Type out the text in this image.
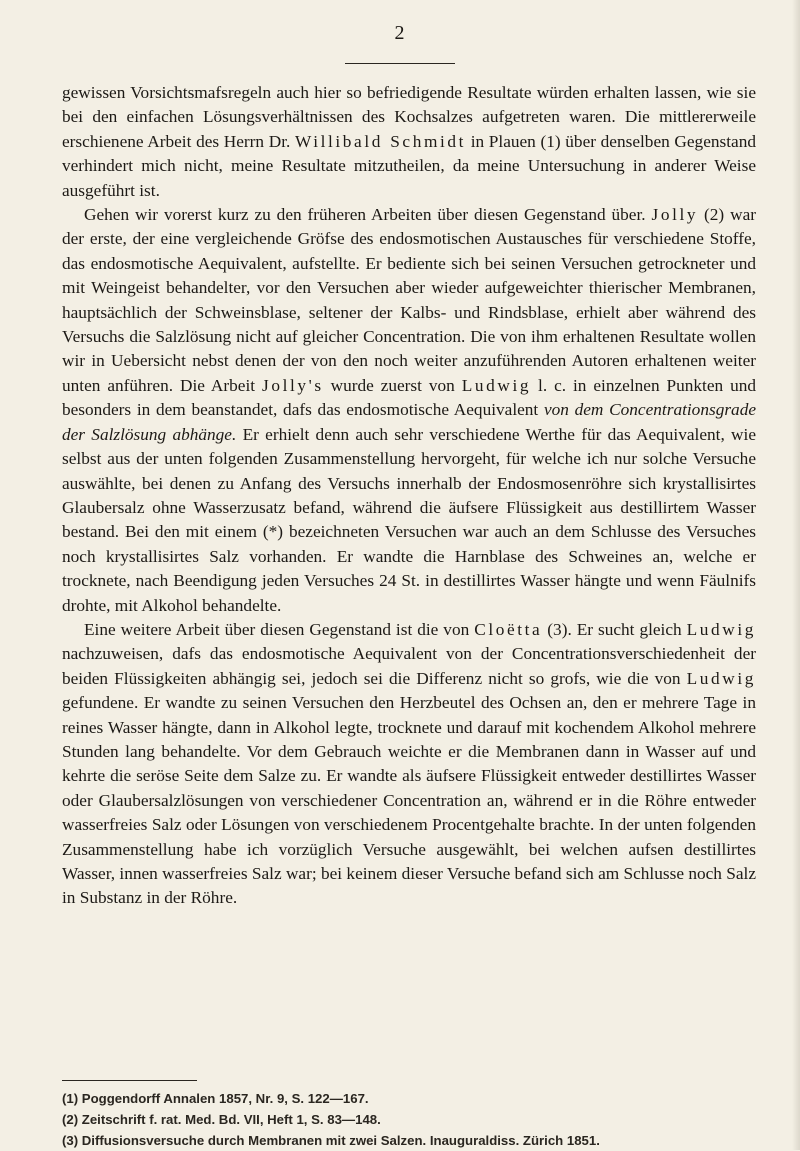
2

gewissen Vorsichtsmafsregeln auch hier so befriedigende Resultate würden erhalten lassen, wie sie bei den einfachen Lösungsverhältnissen des Kochsalzes aufgetreten waren. Die mittlererweile erschienene Arbeit des Herrn Dr. Willibald Schmidt in Plauen (1) über denselben Gegenstand verhindert mich nicht, meine Resultate mitzutheilen, da meine Untersuchung in anderer Weise ausgeführt ist.

Gehen wir vorerst kurz zu den früheren Arbeiten über diesen Gegenstand über. Jolly (2) war der erste, der eine vergleichende Gröfse des endosmotischen Austausches für verschiedene Stoffe, das endosmotische Aequivalent, aufstellte. Er bediente sich bei seinen Versuchen getrockneter und mit Weingeist behandelter, vor den Versuchen aber wieder aufgeweichter thierischer Membranen, hauptsächlich der Schweinsblase, seltener der Kalbs- und Rindsblase, erhielt aber während des Versuchs die Salzlösung nicht auf gleicher Concentration. Die von ihm erhaltenen Resultate wollen wir in Uebersicht nebst denen der von den noch weiter anzuführenden Autoren erhaltenen weiter unten anführen. Die Arbeit Jolly's wurde zuerst von Ludwig l. c. in einzelnen Punkten und besonders in dem beanstandet, dafs das endosmotische Aequivalent von dem Concentrationsgrade der Salzlösung abhänge. Er erhielt denn auch sehr verschiedene Werthe für das Aequivalent, wie selbst aus der unten folgenden Zusammenstellung hervorgeht, für welche ich nur solche Versuche auswählte, bei denen zu Anfang des Versuchs innerhalb der Endosmosenröhre sich krystallisirtes Glaubersalz ohne Wasserzusatz befand, während die äufsere Flüssigkeit aus destillirtem Wasser bestand. Bei den mit einem (*) bezeichneten Versuchen war auch an dem Schlusse des Versuches noch krystallisirtes Salz vorhanden. Er wandte die Harnblase des Schweines an, welche er trocknete, nach Beendigung jeden Versuches 24 St. in destillirtes Wasser hängte und wenn Fäulnifs drohte, mit Alkohol behandelte.

Eine weitere Arbeit über diesen Gegenstand ist die von Cloëtta (3). Er sucht gleich Ludwig nachzuweisen, dafs das endosmotische Aequivalent von der Concentrationsverschiedenheit der beiden Flüssigkeiten abhängig sei, jedoch sei die Differenz nicht so grofs, wie die von Ludwig gefundene. Er wandte zu seinen Versuchen den Herzbeutel des Ochsen an, den er mehrere Tage in reines Wasser hängte, dann in Alkohol legte, trocknete und darauf mit kochendem Alkohol mehrere Stunden lang behandelte. Vor dem Gebrauch weichte er die Membranen dann in Wasser auf und kehrte die seröse Seite dem Salze zu. Er wandte als äufsere Flüssigkeit entweder destillirtes Wasser oder Glaubersalzlösungen von verschiedener Concentration an, während er in die Röhre entweder wasserfreies Salz oder Lösungen von verschiedenem Procentgehalte brachte. In der unten folgenden Zusammenstellung habe ich vorzüglich Versuche ausgewählt, bei welchen aufsen destillirtes Wasser, innen wasserfreies Salz war; bei keinem dieser Versuche befand sich am Schlusse noch Salz in Substanz in der Röhre.

(1) Poggendorff Annalen 1857, Nr. 9, S. 122—167.
(2) Zeitschrift f. rat. Med. Bd. VII, Heft 1, S. 83—148.
(3) Diffusionsversuche durch Membranen mit zwei Salzen. Inauguraldiss. Zürich 1851.
